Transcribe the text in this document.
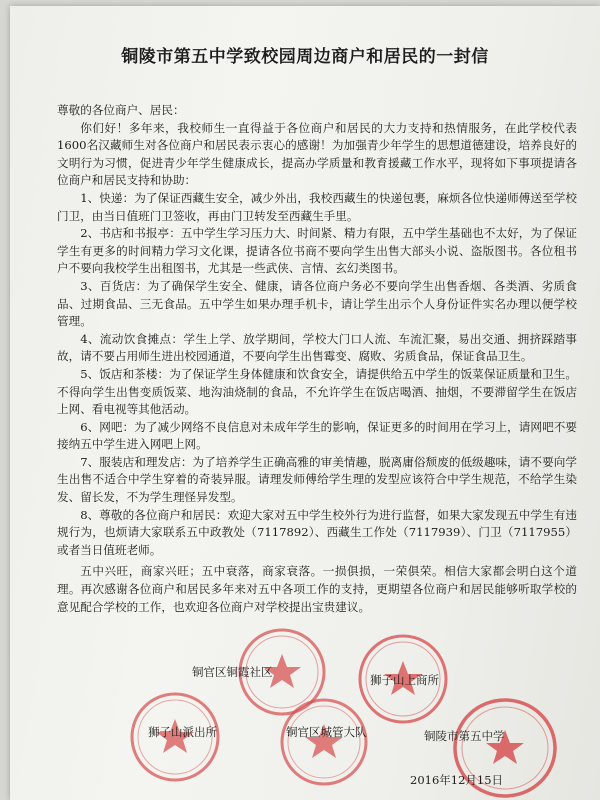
铜陵市第五中学致校园周边商户和居民的一封信

尊敬的各位商户、居民：

你们好！多年来，我校师生一直得益于各位商户和居民的大力支持和热情服务，在此学校代表1600名汉藏师生对各位商户和居民表示衷心的感谢！为加强青少年学生的思想道德建设，培养良好的文明行为习惯，促进青少年学生健康成长，提高办学质量和教育援藏工作水平，现将如下事项提请各位商户和居民支持和协助：

1、快递：为了保证西藏生安全，减少外出，我校西藏生的快递包裹，麻烦各位快递师傅送至学校门卫，由当日值班门卫签收，再由门卫转发至西藏生手里。

2、书店和书报亭：五中学生学习压力大、时间紧、精力有限，五中学生基础也不太好，为了保证学生有更多的时间精力学习文化课，提请各位书商不要向学生出售大部头小说、盗版图书。各位租书户不要向我校学生出租图书，尤其是一些武侠、言情、玄幻类图书。

3、百货店：为了确保学生安全、健康，请各位商户务必不要向学生出售香烟、各类酒、劣质食品、过期食品、三无食品。五中学生如果办理手机卡，请让学生出示个人身份证件实名办理以便学校管理。

4、流动饮食摊点：学生上学、放学期间，学校大门口人流、车流汇聚，易出交通、拥挤踩踏事故，请不要占用师生进出校园通道，不要向学生出售霉变、腐败、劣质食品，保证食品卫生。

5、饭店和茶楼：为了保证学生身体健康和饮食安全，请提供给五中学生的饭菜保证质量和卫生。不得向学生出售变质饭菜、地沟油烧制的食品，不允许学生在饭店喝酒、抽烟，不要滞留学生在饭店上网、看电视等其他活动。

6、网吧：为了减少网络不良信息对未成年学生的影响，保证更多的时间用在学习上，请网吧不要接纳五中学生进入网吧上网。

7、服装店和理发店：为了培养学生正确高雅的审美情趣，脱离庸俗颓废的低级趣味，请不要向学生出售不适合中学生穿着的奇装异服。请理发师傅给学生理的发型应该符合中学生规范，不给学生染发、留长发，不为学生理怪异发型。

8、尊敬的各位商户和居民：欢迎大家对五中学生校外行为进行监督，如果大家发现五中学生有违规行为，也烦请大家联系五中政教处（7117892）、西藏生工作处（7117939）、门卫（7117955）或者当日值班老师。

五中兴旺，商家兴旺；五中衰落，商家衰落。一损俱损，一荣俱荣。相信大家都会明白这个道理。再次感谢各位商户和居民多年来对五中各项工作的支持，更期望各位商户和居民能够听取学校的意见配合学校的工作，也欢迎各位商户对学校提出宝贵建议。

铜官区铜霞社区
狮子山上商所
狮子山派出所	铜官区城管大队	铜陵市第五中学
2016年12月15日
